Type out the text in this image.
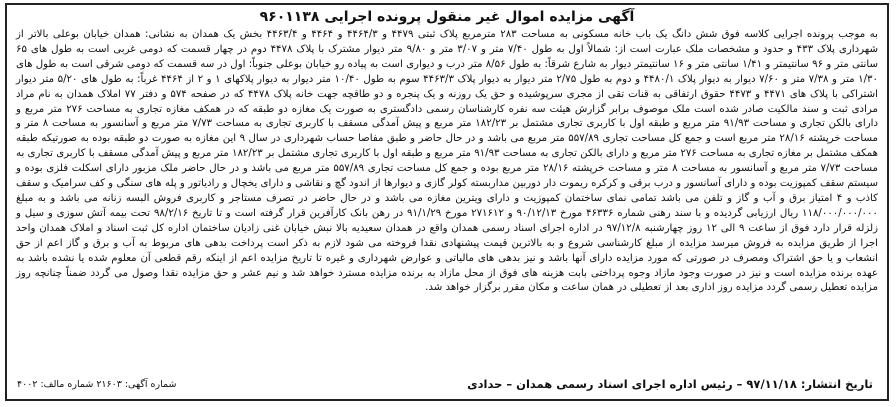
آگهی مزایده اموال غیر منقول پرونده اجرایی ۹۶۰۱۱۳۸
به موجب پرونده اجرایی کلاسه فوق شش دانگ یک باب خانه مسکونی به مساحت ۲۸۳ مترمربع پلاک ثبتی ۴۴۷۹ و ۴۴۶۴/۳ و ۴۴۶۴ و ۴۴۶۳/۴ بخش یک همدان به نشانی: همدان خیابان بوعلی بالاتر از شهرداری پلاک ۴۳۳ و حدود و مشخصات ملک عبارت است از: شمالاً اول به طول ۷/۴۰ متر و ۳/۰۷ متر و ۹/۸۰ متر دیوار مشترک با پلاک ۴۴۷۸ دوم در چهار قسمت که دومی غربی است به طول های ۶۵ سانتی متر و ۹۶ سانتیمتر و ۱/۴۱ سانتی متر و ۱۶ سانتیمتر دیوار به شارع شرقاً: به طول ۸/۵۶ متر درب و دیواری است به پیاده رو خیابان بوعلی جنوباً: اول در سه قسمت که دومی شرقی است به طول های ۱/۳۰ متر و ۷/۳۸ متر و ۷/۶۰ دیوار به دیوار پلاک ۴۴۸۰/۱ و دوم به طول ۲/۷۵ متر دیوار به دیوار پلاک ۴۴۶۳/۳ سوم به طول ۱۰/۴۰ متر دیوار به دیوار پلاکهای ۱ و ۲ از ۴۴۶۴ غرباً: به طول های ۵/۲۰ متر دیوار اشتراکی با پلاک های ۴۴۷۱ و ۴۴۷۳ حقوق ارتفاقی به قنات تقی از مجری سرپوشیده و حق یک روزنه و یک پنجره و دو طاقچه جهت خانه پلاک ۴۴۷۸ که در صفحه ۵۷۴ و دفتر ۷۷ املاک همدان به نام مراد مرادی ثبت و سند مالکیت صادر شده است ملک موصوف برابر گزارش هیئت سه نفره کارشناسان رسمی دادگستری به صورت یک مغازه دو طبقه که در همکف مغازه تجاری به مساحت ۲۷۶ متر مربع و دارای بالکن تجاری و مساحت ۹۱/۹۳ متر مربع و طبقه اول با کاربری تجاری مشتمل بر ۱۸۲/۲۳ متر مربع و پیش آمدگی مسقف با کاربری تجاری به مساحت ۷/۷۳ متر مربع و آسانسور به مساحت ۸ متر و مساحت خرپشته ۲۸/۱۶ متر مربع است و جمع کل مساحت تجاری ۵۵۷/۸۹ متر مربع می باشد و در حال حاضر و طبق مفاصا حساب شهرداری در سال ۹ این مغازه به صورت دو طبقه بوده به صورتیکه طبقه همکف مشتمل بر مغازه تجاری به مساحت ۲۷۶ متر مربع و دارای بالکن تجاری به مساحت ۹۱/۹۳ متر مربع و طبقه اول با کاربری تجاری مشتمل بر ۱۸۲/۲۳ متر مربع و پیش آمدگی مسقف با کاربری تجاری به مساحت ۷/۷۳ متر مربع و آسانسور به مساحت ۸ متر و مساحت خرپشته ۲۸/۱۶ متر مربع بوده و جمع کل مساحت تجاری ۵۵۷/۸۹ متر مربع می باشد و در حال حاضر ملک مزبور دارای اسکلت فلزی بوده و سیستم سقف کمپوزیت بوده و دارای آسانسور و درب برقی و کرکره ریموت دار دوربین مداربسته کولر گازی و دیوارها از اندود گچ و نقاشی و دارای یخچال و رادیاتور و پله های سنگی و کف سرامیک و سقف کاذب و ۴ امتیاز برق و آب و گاز و تلفن می باشد تمامی نمای ساختمان کمپوزیت و دارای ویترین مغازه می باشد و در حال حاضر در تصرف مستاجر و کاربری فروش البسه زنانه می باشد و به مبلغ ۱۱۸/۰۰۰/۰۰۰/۰۰۰ ریال ارزیابی گردیده و با سند رهنی شماره ۴۶۳۳۶ مورخ ۹۰/۱۲/۱۳ و ۲۷۱۶۱۲ مورخ ۹۱/۱/۲۹ در رهن بانک کارآفرین قرار گرفته است و تا تاریخ ۹۸/۲/۱۶ تحت بیمه آتش سوزی و سیل و زلزله قرار دارد فوق از ساعت ۹ الی ۱۲ روز چهارشنبه ۹۷/۱۲/۸ در اداره اجرای اسناد رسمی همدان واقع در همدان سعیدیه بالا نبش خیابان غنی زادیان ساختمان اداره کل ثبت اسناد و املاک همدان واحد اجرا از طریق مزایده به فروش میرسد مزایده از مبلغ کارشناسی شروع و به بالاترین قیمت پیشنهادی نقدا فروخته می شود لازم به ذکر است پرداخت بدهی های مربوط به آب و برق و گاز اعم از حق انشعاب و یا حق اشتراک ومصرف در صورتی که مورد مزایده دارای آنها باشد و نیز بدهی های مالیاتی و عوارض شهرداری و غیره تا تاریخ مزایده اعم از اینکه رقم قطعی آن معلوم شده یا نشده باشد به عهده برنده مزایده است و نیز در صورت وجود مازاد وجوه پرداختی بابت هزینه های فوق از محل مازاد به برنده مزایده مسترد خواهد شد و نیم عشر و حق مزایده نقدا وصول می گردد ضمناً چنانچه روز مزایده تعطیل رسمی گردد مزایده روز اداری بعد از تعطیلی در همان ساعت و مکان مقرر برگزار خواهد شد.
تاریخ انتشار: ۹۷/۱۱/۱۸ – رئیس اداره اجرای اسناد رسمی همدان – حدادی
شماره آگهی: ۲۱۶۰۳ شماره مالف: ۴۰۰۲
